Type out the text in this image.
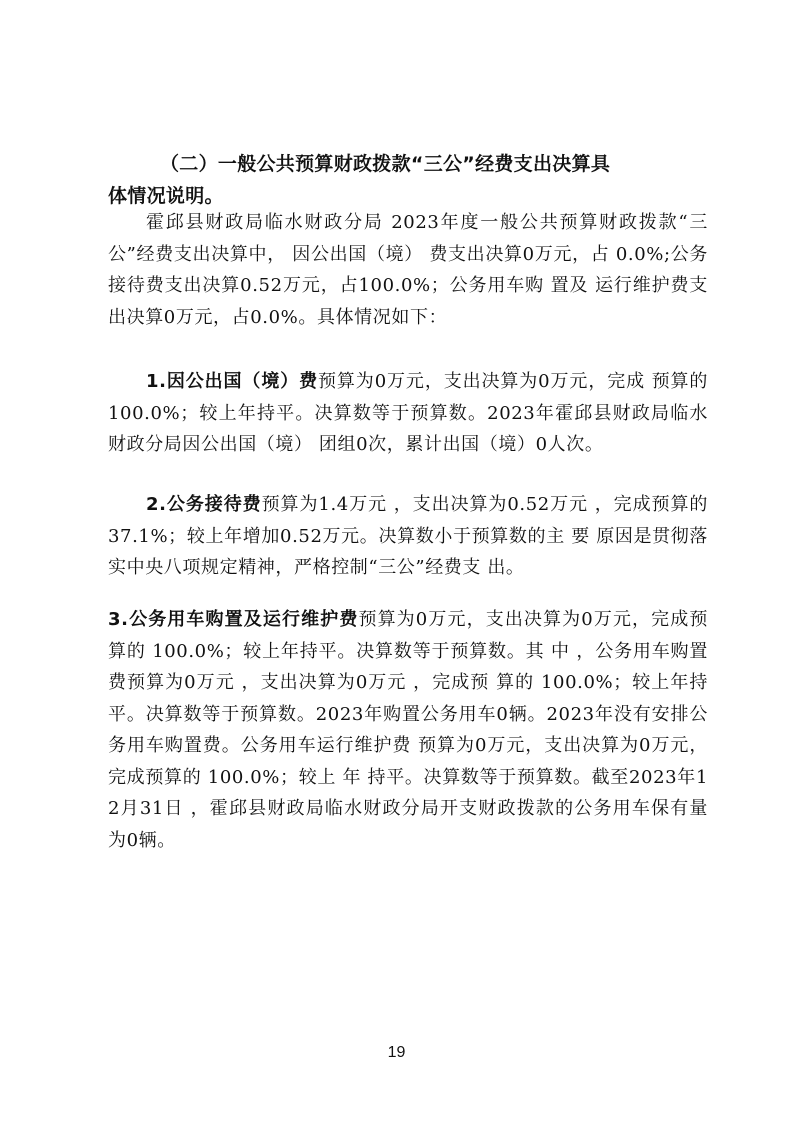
（二）一般公共预算财政拨款“三公”经费支出决算具
体情况说明。
霍邱县财政局临水财政分局 2023年度一般公共预算财政拨款“三公”经费支出决算中， 因公出国（境） 费支出决算0万元，占 0.0%;公务接待费支出决算0.52万元，占100.0%；公务用车购 置及 运行维护费支出决算0万元，占0.0%。具体情况如下：
1.因公出国（境）费预算为0万元，支出决算为0万元，完成 预算的 100.0%；较上年持平。决算数等于预算数。2023年霍邱县财政局临水财政分局因公出国（境） 团组0次，累计出国（境）0人次。
2.公务接待费预算为1.4万元 ，支出决算为0.52万元 ，完成预算的37.1%；较上年增加0.52万元。决算数小于预算数的主 要 原因是贯彻落实中央八项规定精神，严格控制“三公”经费支 出。
3.公务用车购置及运行维护费预算为0万元，支出决算为0万元，完成预算的 100.0%；较上年持平。决算数等于预算数。其 中 ，公务用车购置费预算为0万元 ，支出决算为0万元 ，完成预 算的 100.0%；较上年持平。决算数等于预算数。2023年购置公务用车0辆。2023年没有安排公务用车购置费。公务用车运行维护费 预算为0万元，支出决算为0万元，完成预算的 100.0%；较上 年 持平。决算数等于预算数。截至2023年12月31日 ，霍邱县财政局临水财政分局开支财政拨款的公务用车保有量为0辆。
19
